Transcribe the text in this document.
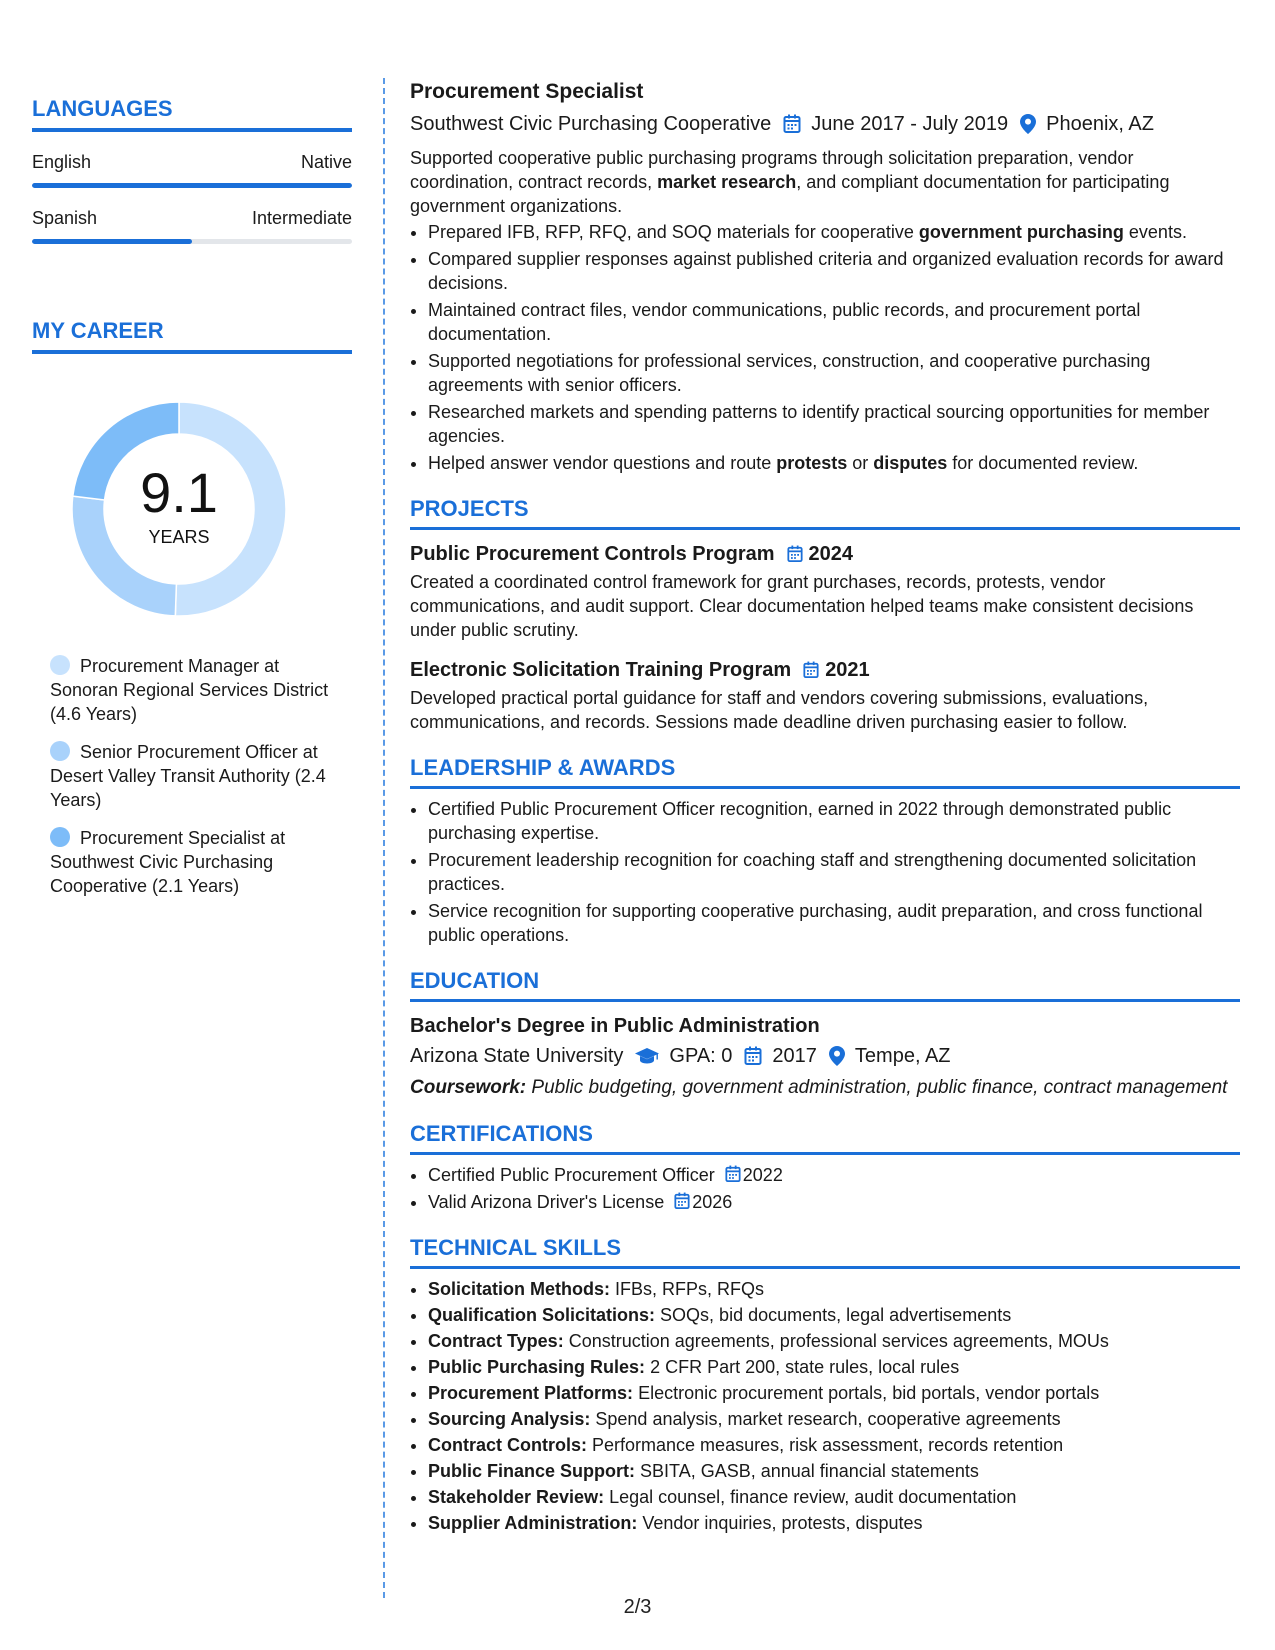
LANGUAGES
English	Native
Spanish	Intermediate
MY CAREER
9.1
YEARS
Procurement Manager at Sonoran Regional Services District (4.6 Years)
Senior Procurement Officer at Desert Valley Transit Authority (2.4 Years)
Procurement Specialist at Southwest Civic Purchasing Cooperative (2.1 Years)
Procurement Specialist
Southwest Civic Purchasing Cooperative June 2017 - July 2019 Phoenix, AZ
Supported cooperative public purchasing programs through solicitation preparation, vendor coordination, contract records, market research, and compliant documentation for participating government organizations.
• Prepared IFB, RFP, RFQ, and SOQ materials for cooperative government purchasing events.
• Compared supplier responses against published criteria and organized evaluation records for award decisions.
• Maintained contract files, vendor communications, public records, and procurement portal documentation.
• Supported negotiations for professional services, construction, and cooperative purchasing agreements with senior officers.
• Researched markets and spending patterns to identify practical sourcing opportunities for member agencies.
• Helped answer vendor questions and route protests or disputes for documented review.
PROJECTS
Public Procurement Controls Program 2024
Created a coordinated control framework for grant purchases, records, protests, vendor communications, and audit support. Clear documentation helped teams make consistent decisions under public scrutiny.
Electronic Solicitation Training Program 2021
Developed practical portal guidance for staff and vendors covering submissions, evaluations, communications, and records. Sessions made deadline driven purchasing easier to follow.
LEADERSHIP & AWARDS
• Certified Public Procurement Officer recognition, earned in 2022 through demonstrated public purchasing expertise.
• Procurement leadership recognition for coaching staff and strengthening documented solicitation practices.
• Service recognition for supporting cooperative purchasing, audit preparation, and cross functional public operations.
EDUCATION
Bachelor's Degree in Public Administration
Arizona State University GPA: 0 2017 Tempe, AZ
Coursework: Public budgeting, government administration, public finance, contract management
CERTIFICATIONS
• Certified Public Procurement Officer 2022
• Valid Arizona Driver's License 2026
TECHNICAL SKILLS
• Solicitation Methods: IFBs, RFPs, RFQs
• Qualification Solicitations: SOQs, bid documents, legal advertisements
• Contract Types: Construction agreements, professional services agreements, MOUs
• Public Purchasing Rules: 2 CFR Part 200, state rules, local rules
• Procurement Platforms: Electronic procurement portals, bid portals, vendor portals
• Sourcing Analysis: Spend analysis, market research, cooperative agreements
• Contract Controls: Performance measures, risk assessment, records retention
• Public Finance Support: SBITA, GASB, annual financial statements
• Stakeholder Review: Legal counsel, finance review, audit documentation
• Supplier Administration: Vendor inquiries, protests, disputes
2/3
